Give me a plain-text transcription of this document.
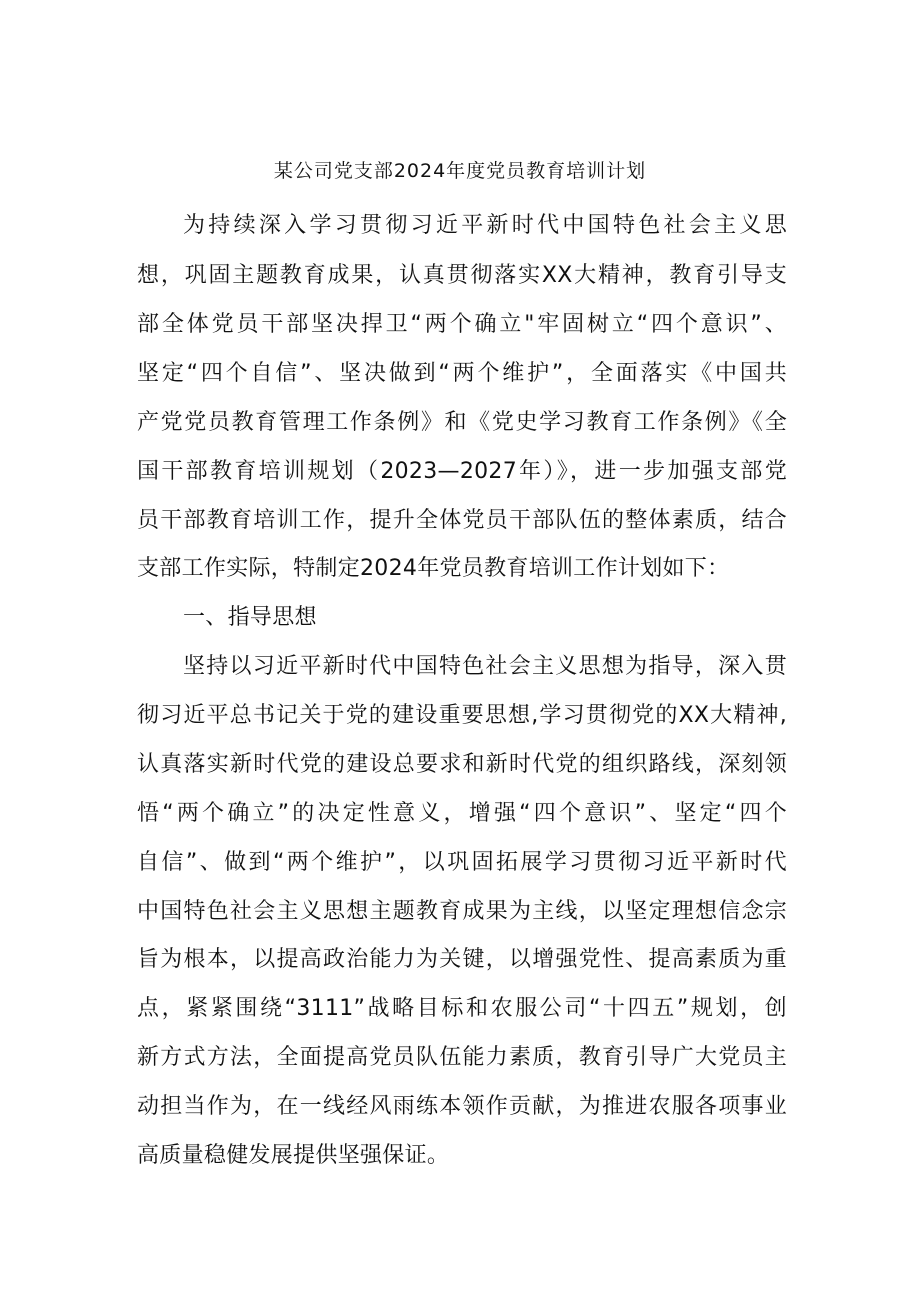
某公司党支部2024年度党员教育培训计划
为持续深入学习贯彻习近平新时代中国特色社会主义思
想，巩固主题教育成果，认真贯彻落实XX大精神，教育引导支
部全体党员干部坚决捍卫“两个确立"牢固树立“四个意识”、
坚定“四个自信”、坚决做到“两个维护”，全面落实《中国共
产党党员教育管理工作条例》和《党史学习教育工作条例》《全
国干部教育培训规划（2023—2027年）》，进一步加强支部党
员干部教育培训工作，提升全体党员干部队伍的整体素质，结合
支部工作实际，特制定2024年党员教育培训工作计划如下：
一、指导思想
坚持以习近平新时代中国特色社会主义思想为指导，深入贯
彻习近平总书记关于党的建设重要思想,学习贯彻党的XX大精神,
认真落实新时代党的建设总要求和新时代党的组织路线，深刻领
悟“两个确立”的决定性意义，增强“四个意识”、坚定“四个
自信”、做到“两个维护”，以巩固拓展学习贯彻习近平新时代
中国特色社会主义思想主题教育成果为主线，以坚定理想信念宗
旨为根本，以提高政治能力为关键，以增强党性、提高素质为重
点，紧紧围绕“3111”战略目标和农服公司“十四五”规划，创
新方式方法，全面提高党员队伍能力素质，教育引导广大党员主
动担当作为，在一线经风雨练本领作贡献，为推进农服各项事业
高质量稳健发展提供坚强保证。
